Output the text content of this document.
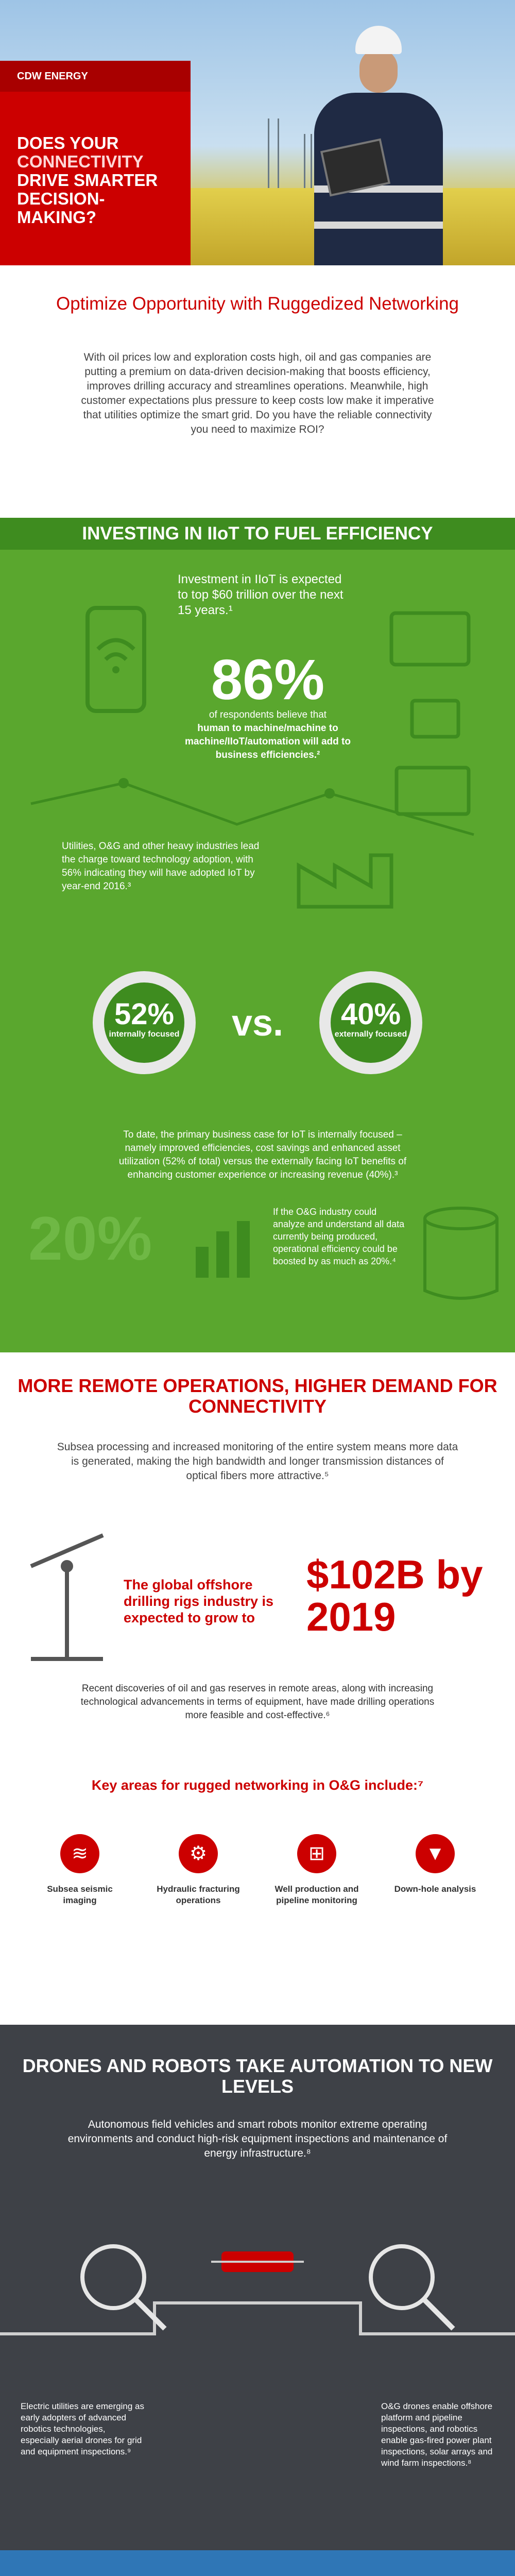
CDW ENERGY
DOES YOUR CONNECTIVITY DRIVE SMARTER DECISION-MAKING?
Optimize Opportunity with Ruggedized Networking
With oil prices low and exploration costs high, oil and gas companies are putting a premium on data-driven decision-making that boosts efficiency, improves drilling accuracy and streamlines operations. Meanwhile, high customer expectations plus pressure to keep costs low make it imperative that utilities optimize the smart grid. Do you have the reliable connectivity you need to maximize ROI?
INVESTING IN IIoT TO FUEL EFFICIENCY
Investment in IIoT is expected to top $60 trillion over the next 15 years.¹
86%
of respondents believe that
human to machine/machine to machine/IIoT/automation will add to business efficiencies.²
Utilities, O&G and other heavy industries lead the charge toward technology adoption, with 56% indicating they will have adopted IoT by year-end 2016.³
52%
internally focused vs.	40%
externally focused
To date, the primary business case for IoT is internally focused – namely improved efficiencies, cost savings and enhanced asset utilization (52% of total) versus the externally facing IoT benefits of enhancing customer experience or increasing revenue (40%).³
20%	If the O&G industry could analyze and understand all data currently being produced, operational efficiency could be boosted by as much as 20%.⁴
MORE REMOTE OPERATIONS, HIGHER DEMAND FOR CONNECTIVITY
Subsea processing and increased monitoring of the entire system means more data is generated, making the high bandwidth and longer transmission distances of optical fibers more attractive.⁵
The global offshore drilling rigs industry is expected to grow to
$102B by 2019
Recent discoveries of oil and gas reserves in remote areas, along with increasing technological advancements in terms of equipment, have made drilling operations more feasible and cost-effective.⁶
Key areas for rugged networking in O&G include:⁷
≋
Subsea seismic imaging
⚙
Hydraulic fracturing operations
⊞
Well production and pipeline monitoring
▼
Down-hole analysis
DRONES AND ROBOTS TAKE AUTOMATION TO NEW LEVELS
Autonomous field vehicles and smart robots monitor extreme operating environments and conduct high-risk equipment inspections and maintenance of energy infrastructure.⁸
Electric utilities are emerging as early adopters of advanced robotics technologies, especially aerial drones for grid and equipment inspections.⁹
O&G drones enable offshore platform and pipeline inspections, and robotics enable gas-fired power plant inspections, solar arrays and wind farm inspections.⁸
